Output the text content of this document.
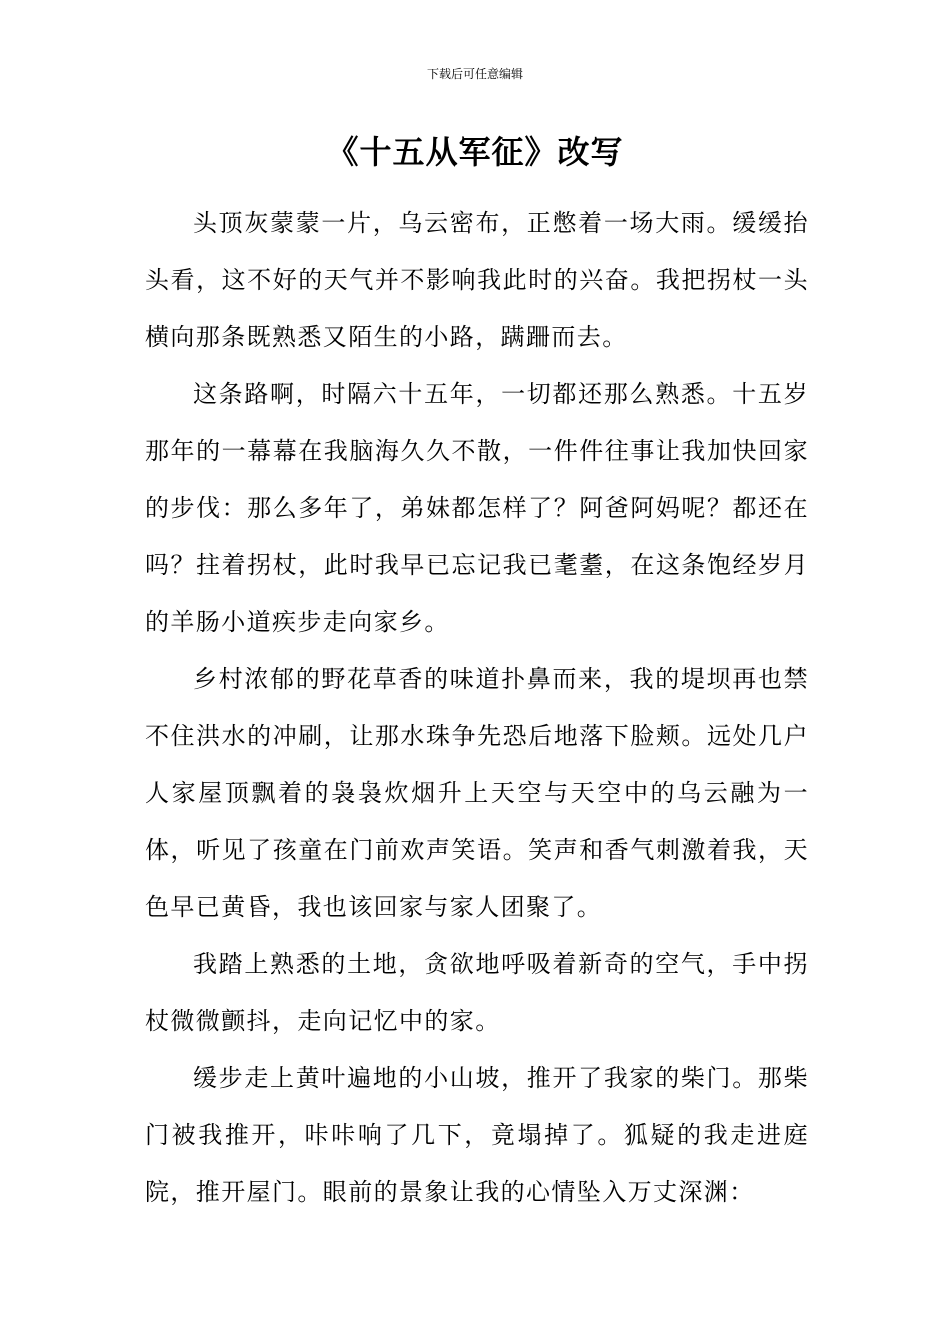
下载后可任意编辑
《十五从军征》改写

头顶灰蒙蒙一片，乌云密布，正憋着一场大雨。缓缓抬头看，这不好的天气并不影响我此时的兴奋。我把拐杖一头横向那条既熟悉又陌生的小路，蹒跚而去。

这条路啊，时隔六十五年，一切都还那么熟悉。十五岁那年的一幕幕在我脑海久久不散，一件件往事让我加快回家的步伐：那么多年了，弟妹都怎样了？阿爸阿妈呢？都还在吗？拄着拐杖，此时我早已忘记我已耄耋，在这条饱经岁月的羊肠小道疾步走向家乡。

乡村浓郁的野花草香的味道扑鼻而来，我的堤坝再也禁不住洪水的冲刷，让那水珠争先恐后地落下脸颊。远处几户人家屋顶飘着的袅袅炊烟升上天空与天空中的乌云融为一体，听见了孩童在门前欢声笑语。笑声和香气刺激着我，天色早已黄昏，我也该回家与家人团聚了。

我踏上熟悉的土地，贪欲地呼吸着新奇的空气，手中拐杖微微颤抖，走向记忆中的家。

缓步走上黄叶遍地的小山坡，推开了我家的柴门。那柴门被我推开，咔咔响了几下，竟塌掉了。狐疑的我走进庭院，推开屋门。眼前的景象让我的心情坠入万丈深渊：
